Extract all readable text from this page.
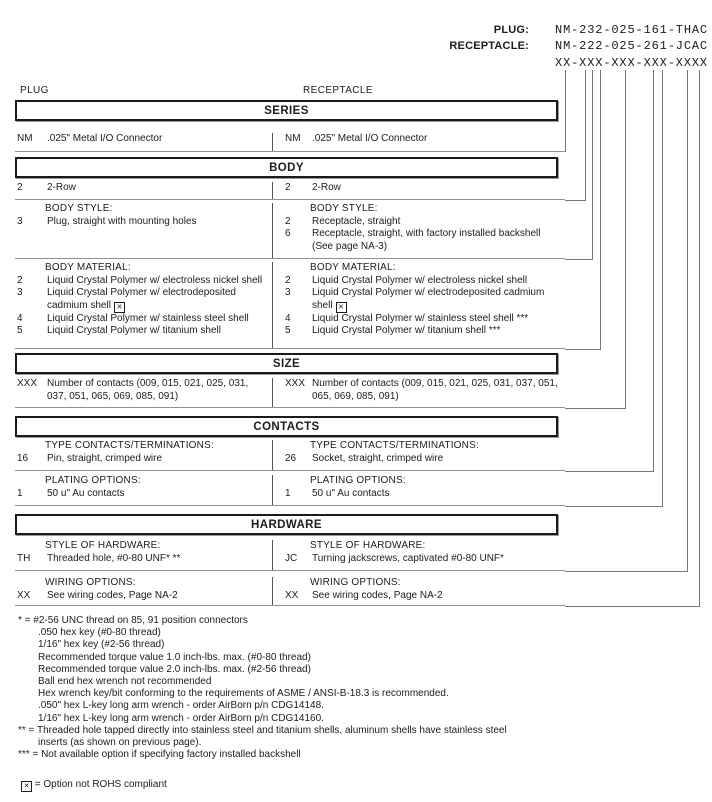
PLUG: NM-232-025-161-THAC
RECEPTACLE: NM-222-025-261-JCAC
XX-XXX-XXX-XXX-XXXX
PLUG	RECEPTACLE
SERIES
NM	.025" Metal I/O Connector	NM	.025" Metal I/O Connector
BODY
2	2-Row	2	2-Row
BODY STYLE:
3	Plug, straight with mounting holes
BODY STYLE:
2	Receptacle, straight
6	Receptacle, straight, with factory installed backshell (See page NA-3)
BODY MATERIAL:
2	Liquid Crystal Polymer w/ electroless nickel shell
3	Liquid Crystal Polymer w/ electrodeposited cadmium shell ✕
4	Liquid Crystal Polymer w/ stainless steel shell
5	Liquid Crystal Polymer w/ titanium shell
BODY MATERIAL:
2	Liquid Crystal Polymer w/ electroless nickel shell
3	Liquid Crystal Polymer w/ electrodeposited cadmium shell ✕
4	Liquid Crystal Polymer w/ stainless steel shell ***
5	Liquid Crystal Polymer w/ titanium shell ***
SIZE
XXX Number of contacts (009, 015, 021, 025, 031, 037, 051, 065, 069, 085, 091)
XXX Number of contacts (009, 015, 021, 025, 031, 037, 051, 065, 069, 085, 091)
CONTACTS
TYPE CONTACTS/TERMINATIONS:
16	Pin, straight, crimped wire
TYPE CONTACTS/TERMINATIONS:
26	Socket, straight, crimped wire
PLATING OPTIONS:
1	50 u" Au contacts
PLATING OPTIONS:
1	50 u" Au contacts
HARDWARE
STYLE OF HARDWARE:
TH	Threaded hole, #0-80 UNF* **
STYLE OF HARDWARE:
JC	Turning jackscrews, captivated #0-80 UNF*
WIRING OPTIONS:
XX	See wiring codes, Page NA-2
WIRING OPTIONS:
XX	See wiring codes, Page NA-2
* = #2-56 UNC thread on 85, 91 position connectors
.050 hex key (#0-80 thread)
1/16" hex key (#2-56 thread)
Recommended torque value 1.0 inch-lbs. max. (#0-80 thread)
Recommended torque value 2.0 inch-lbs. max. (#2-56 thread)
Ball end hex wrench not recommended
Hex wrench key/bit conforming to the requirements of ASME / ANSI-B-18.3 is recommended.
.050" hex L-key long arm wrench - order AirBorn p/n CDG14148.
1/16" hex L-key long arm wrench - order AirBorn p/n CDG14160.
** = Threaded hole tapped directly into stainless steel and titanium shells, aluminum shells have stainless steel
inserts (as shown on previous page).
*** = Not available option if specifying factory installed backshell
✕ = Option not ROHS compliant
